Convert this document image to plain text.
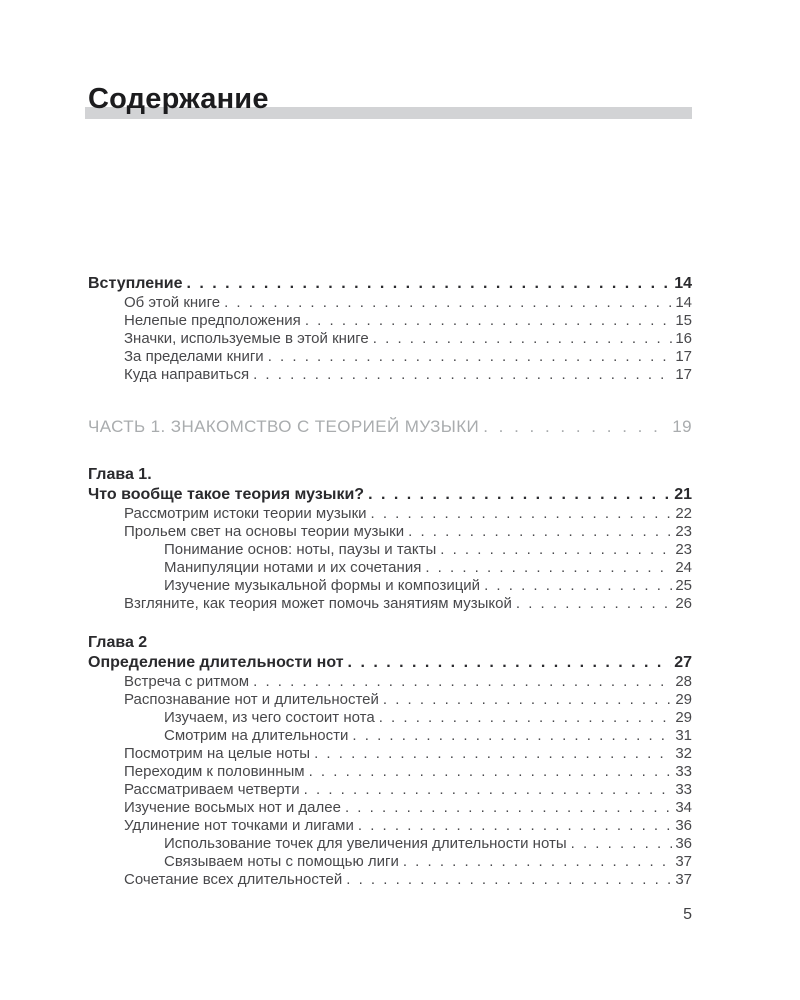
Содержание
Вступление . . .	14
Об этой книге . . .	14
Нелепые предположения . . .	15
Значки, используемые в этой книге . . .	16
За пределами книги . . .	17
Куда направиться . . .	17
ЧАСТЬ 1. ЗНАКОМСТВО С ТЕОРИЕЙ МУЗЫКИ . . .	19
Глава 1.
Что вообще такое теория музыки? . . .	21
Рассмотрим истоки теории музыки . . .	22
Прольем свет на основы теории музыки . . .	23
Понимание основ: ноты, паузы и такты . . .	23
Манипуляции нотами и их сочетания . . .	24
Изучение музыкальной формы и композиций . . .	25
Взгляните, как теория может помочь занятиям музыкой . . .	26
Глава 2
Определение длительности нот . . .	27
Встреча с ритмом . . .	28
Распознавание нот и длительностей . . .	29
Изучаем, из чего состоит нота . . .	29
Смотрим на длительности . . .	31
Посмотрим на целые ноты . . .	32
Переходим к половинным . . .	33
Рассматриваем четверти . . .	33
Изучение восьмых нот и далее . . .	34
Удлинение нот точками и лигами . . .	36
Использование точек для увеличения длительности ноты . . .	36
Связываем ноты с помощью лиги . . .	37
Сочетание всех длительностей . . .	37
5
